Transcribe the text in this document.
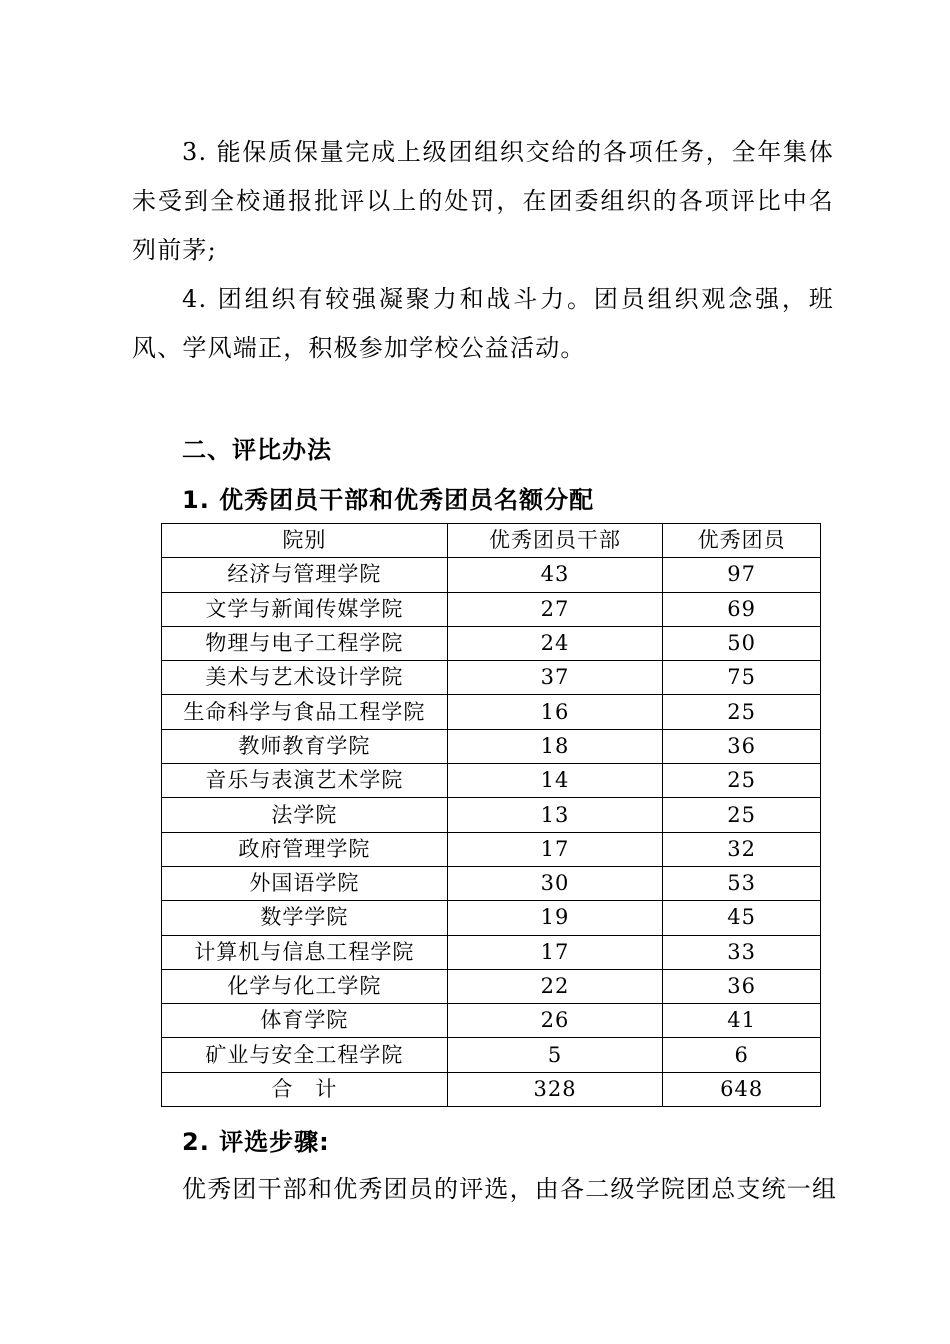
3. 能保质保量完成上级团组织交给的各项任务，全年集体未受到全校通报批评以上的处罚，在团委组织的各项评比中名列前茅;

4. 团组织有较强凝聚力和战斗力。团员组织观念强，班风、学风端正，积极参加学校公益活动。

二、评比办法
1. 优秀团员干部和优秀团员名额分配
院别	优秀团员干部	优秀团员
经济与管理学院	43	97
文学与新闻传媒学院	27	69
物理与电子工程学院	24	50
美术与艺术设计学院	37	75
生命科学与食品工程学院	16	25
教师教育学院	18	36
音乐与表演艺术学院	14	25
法学院	13	25
政府管理学院	17	32
外国语学院	30	53
数学学院	19	45
计算机与信息工程学院	17	33
化学与化工学院	22	36
体育学院	26	41
矿业与安全工程学院	5	6
合　计	328	648
2. 评选步骤:

优秀团干部和优秀团员的评选，由各二级学院团总支统一组
